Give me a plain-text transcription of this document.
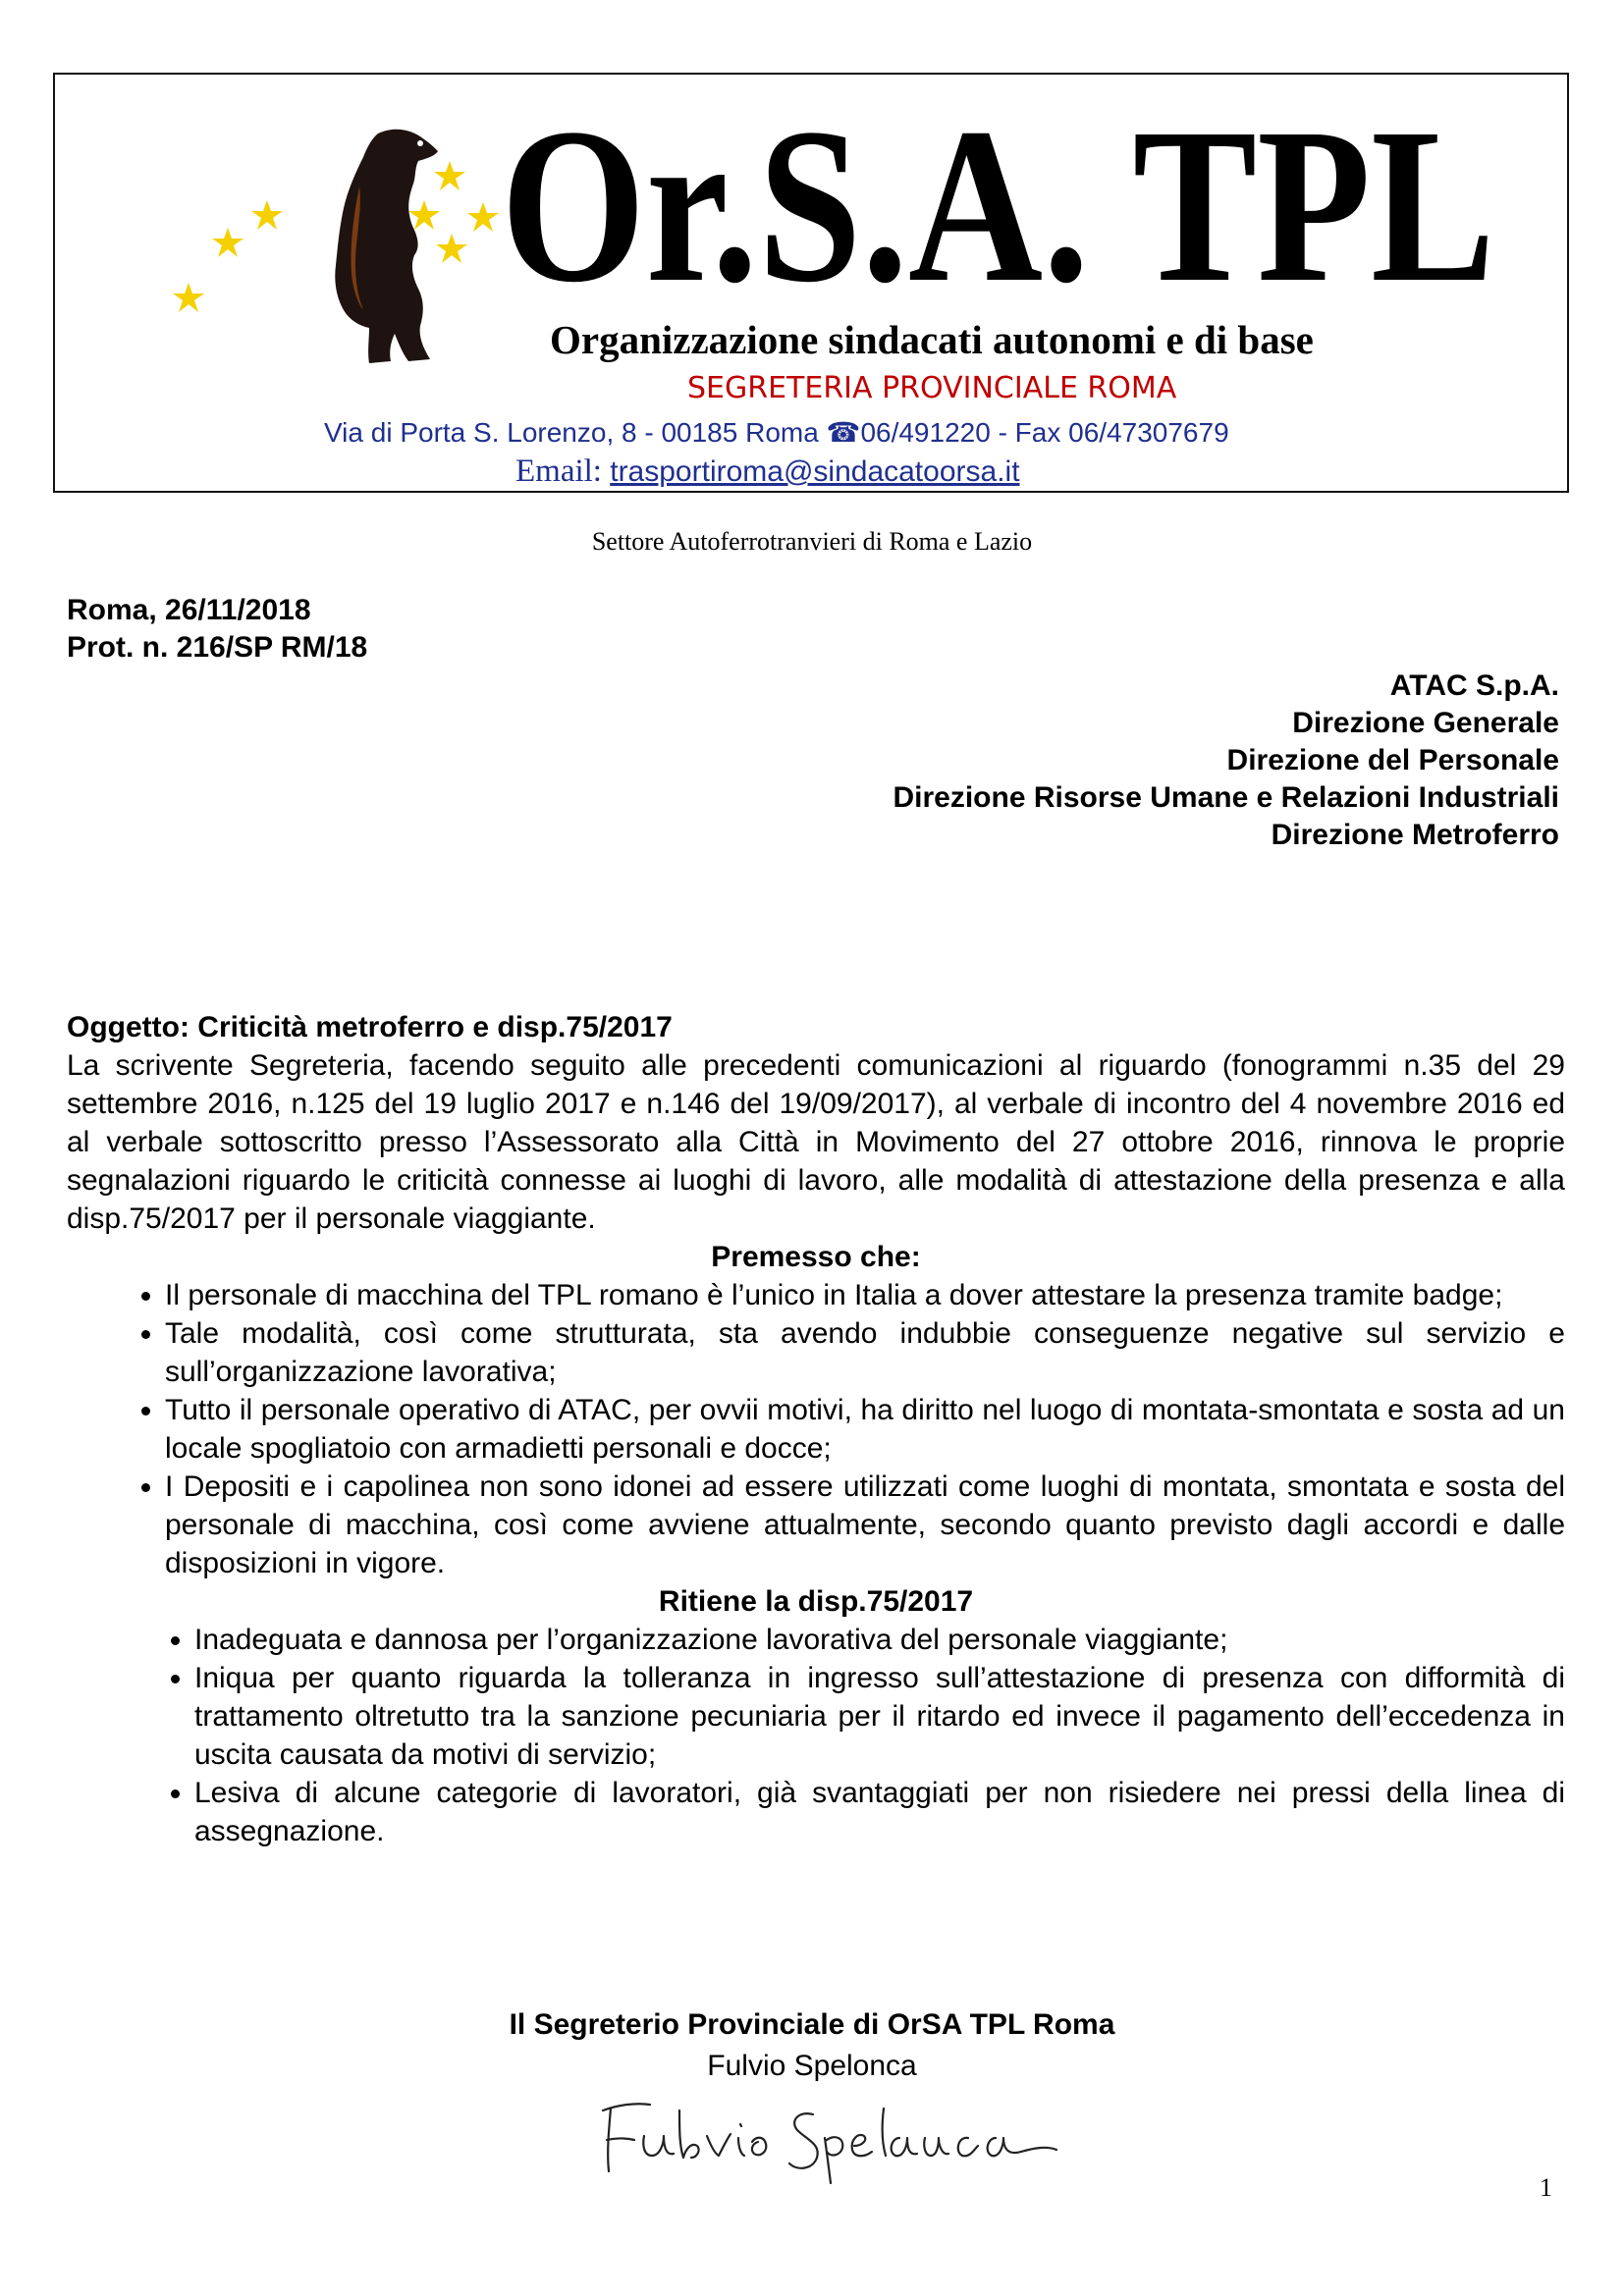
Or.S.A. TPL
Organizzazione sindacati autonomi e di base
SEGRETERIA PROVINCIALE ROMA
Via di Porta S. Lorenzo, 8 - 00185 Roma ☎06/491220 - Fax 06/47307679
Email: trasportiroma@sindacatoorsa.it
Settore Autoferrotranvieri di Roma e Lazio
Roma, 26/11/2018
Prot. n. 216/SP RM/18
ATAC S.p.A.
Direzione Generale
Direzione del Personale
Direzione Risorse Umane e Relazioni Industriali
Direzione Metroferro
Oggetto: Criticità metroferro e disp.75/2017
La scrivente Segreteria, facendo seguito alle precedenti comunicazioni al riguardo (fonogrammi n.35 del 29 settembre 2016, n.125 del 19 luglio 2017 e n.146 del 19/09/2017), al verbale di incontro del 4 novembre 2016 ed al verbale sottoscritto presso l’Assessorato alla Città in Movimento del 27 ottobre 2016, rinnova le proprie segnalazioni riguardo le criticità connesse ai luoghi di lavoro, alle modalità di attestazione della presenza e alla disp.75/2017 per il personale viaggiante.
Premesso che:
• Il personale di macchina del TPL romano è l’unico in Italia a dover attestare la presenza tramite badge;
• Tale modalità, così come strutturata, sta avendo indubbie conseguenze negative sul servizio e sull’organizzazione lavorativa;
• Tutto il personale operativo di ATAC, per ovvii motivi, ha diritto nel luogo di montata-smontata e sosta ad un locale spogliatoio con armadietti personali e docce;
• I Depositi e i capolinea non sono idonei ad essere utilizzati come luoghi di montata, smontata e sosta del personale di macchina, così come avviene attualmente, secondo quanto previsto dagli accordi e dalle disposizioni in vigore.
Ritiene la disp.75/2017
• Inadeguata e dannosa per l’organizzazione lavorativa del personale viaggiante;
• Iniqua per quanto riguarda la tolleranza in ingresso sull’attestazione di presenza con difformità di trattamento oltretutto tra la sanzione pecuniaria per il ritardo ed invece il pagamento dell’eccedenza in uscita causata da motivi di servizio;
• Lesiva di alcune categorie di lavoratori, già svantaggiati per non risiedere nei pressi della linea di assegnazione.
Il Segreterio Provinciale di OrSA TPL Roma
Fulvio Spelonca
1
